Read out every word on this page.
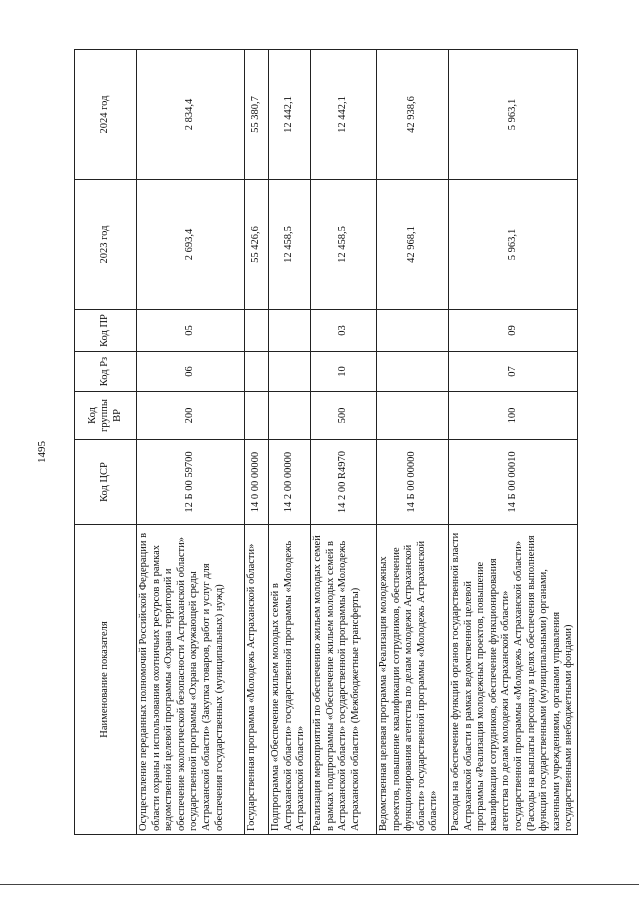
1495
Наименование показателя	Код ЦСР	Код группы ВР	Код Рз	Код ПР	2023 год	2024 год
Осуществление переданных полномочий Российской Федерации в области охраны и использования охотничьих ресурсов в рамках ведомственной целевой программы «Охрана территорий и обеспечение экологической безопасности Астраханской области» государственной программы «Охрана окружающей среды Астраханской области» (Закупка товаров, работ и услуг для обеспечения государственных (муниципальных) нужд)	12 Б 00 59700	200	06	05	2 693,4	2 834,4
Государственная программа «Молодежь Астраханской области»	14 0 00 00000				55 426,6	55 380,7
Подпрограмма «Обеспечение жильем молодых семей в Астраханской области» государственной программы «Молодежь Астраханской области»	14 2 00 00000				12 458,5	12 442,1
Реализация мероприятий по обеспечению жильем молодых семей в рамках подпрограммы «Обеспечение жильем молодых семей в Астраханской области» государственной программы «Молодежь Астраханской области» (Межбюджетные трансферты)	14 2 00 R4970	500	10	03	12 458,5	12 442,1
Ведомственная целевая программа «Реализация молодежных проектов, повышение квалификации сотрудников, обеспечение функционирования агентства по делам молодежи Астраханской области» государственной программы «Молодежь Астраханской области»	14 Б 00 00000				42 968,1	42 938,6
Расходы на обеспечение функций органов государственной власти Астраханской области в рамках ведомственной целевой программы «Реализация молодежных проектов, повышение квалификации сотрудников, обеспечение функционирования агентства по делам молодежи Астраханской области» государственной программы «Молодежь Астраханской области» (Расходы на выплаты персоналу в целях обеспечения выполнения функций государственными (муниципальными) органами, казенными учреждениями, органами управления государственными внебюджетными фондами)	14 Б 00 00010	100	07	09	5 963,1	5 963,1
